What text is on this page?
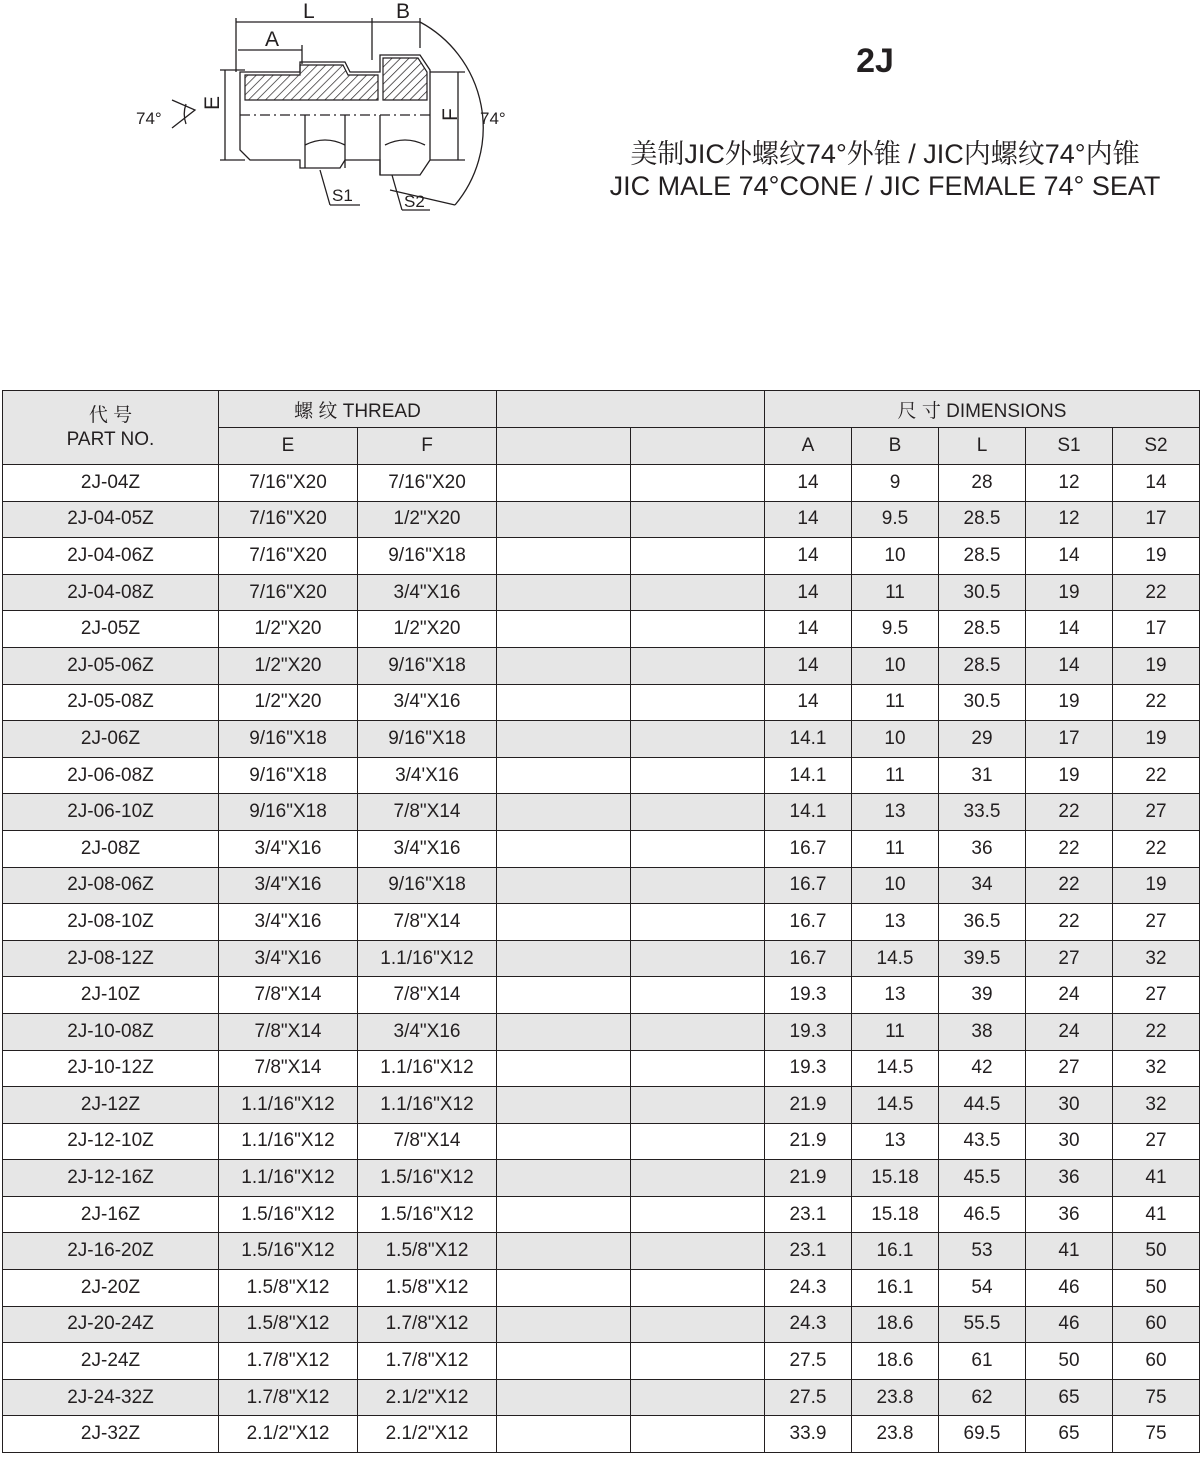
L	B
A
E
F
74°	74°
S1	S2
2J
美制JIC外螺纹74°外锥 / JIC内螺纹74°内锥
JIC MALE 74°CONE / JIC FEMALE 74° SEAT
代 号
PART NO.	螺 纹 THREAD				尺 寸 DIMENSIONS				
	E	F			A	B	L	S1	S2
2J-04Z	7/16"X20	7/16"X20			14	9	28	12	14
2J-04-05Z	7/16"X20	1/2"X20			14	9.5	28.5	12	17
2J-04-06Z	7/16"X20	9/16"X18			14	10	28.5	14	19
2J-04-08Z	7/16"X20	3/4"X16			14	11	30.5	19	22
2J-05Z	1/2"X20	1/2"X20			14	9.5	28.5	14	17
2J-05-06Z	1/2"X20	9/16"X18			14	10	28.5	14	19
2J-05-08Z	1/2"X20	3/4"X16			14	11	30.5	19	22
2J-06Z	9/16"X18	9/16"X18			14.1	10	29	17	19
2J-06-08Z	9/16"X18	3/4'X16			14.1	11	31	19	22
2J-06-10Z	9/16"X18	7/8"X14			14.1	13	33.5	22	27
2J-08Z	3/4"X16	3/4"X16			16.7	11	36	22	22
2J-08-06Z	3/4"X16	9/16"X18			16.7	10	34	22	19
2J-08-10Z	3/4"X16	7/8"X14			16.7	13	36.5	22	27
2J-08-12Z	3/4"X16	1.1/16"X12			16.7	14.5	39.5	27	32
2J-10Z	7/8"X14	7/8"X14			19.3	13	39	24	27
2J-10-08Z	7/8"X14	3/4"X16			19.3	11	38	24	22
2J-10-12Z	7/8"X14	1.1/16"X12			19.3	14.5	42	27	32
2J-12Z	1.1/16"X12	1.1/16"X12			21.9	14.5	44.5	30	32
2J-12-10Z	1.1/16"X12	7/8"X14			21.9	13	43.5	30	27
2J-12-16Z	1.1/16"X12	1.5/16"X12			21.9	15.18	45.5	36	41
2J-16Z	1.5/16"X12	1.5/16"X12			23.1	15.18	46.5	36	41
2J-16-20Z	1.5/16"X12	1.5/8"X12			23.1	16.1	53	41	50
2J-20Z	1.5/8"X12	1.5/8"X12			24.3	16.1	54	46	50
2J-20-24Z	1.5/8"X12	1.7/8"X12			24.3	18.6	55.5	46	60
2J-24Z	1.7/8"X12	1.7/8"X12			27.5	18.6	61	50	60
2J-24-32Z	1.7/8"X12	2.1/2"X12			27.5	23.8	62	65	75
2J-32Z	2.1/2"X12	2.1/2"X12			33.9	23.8	69.5	65	75
